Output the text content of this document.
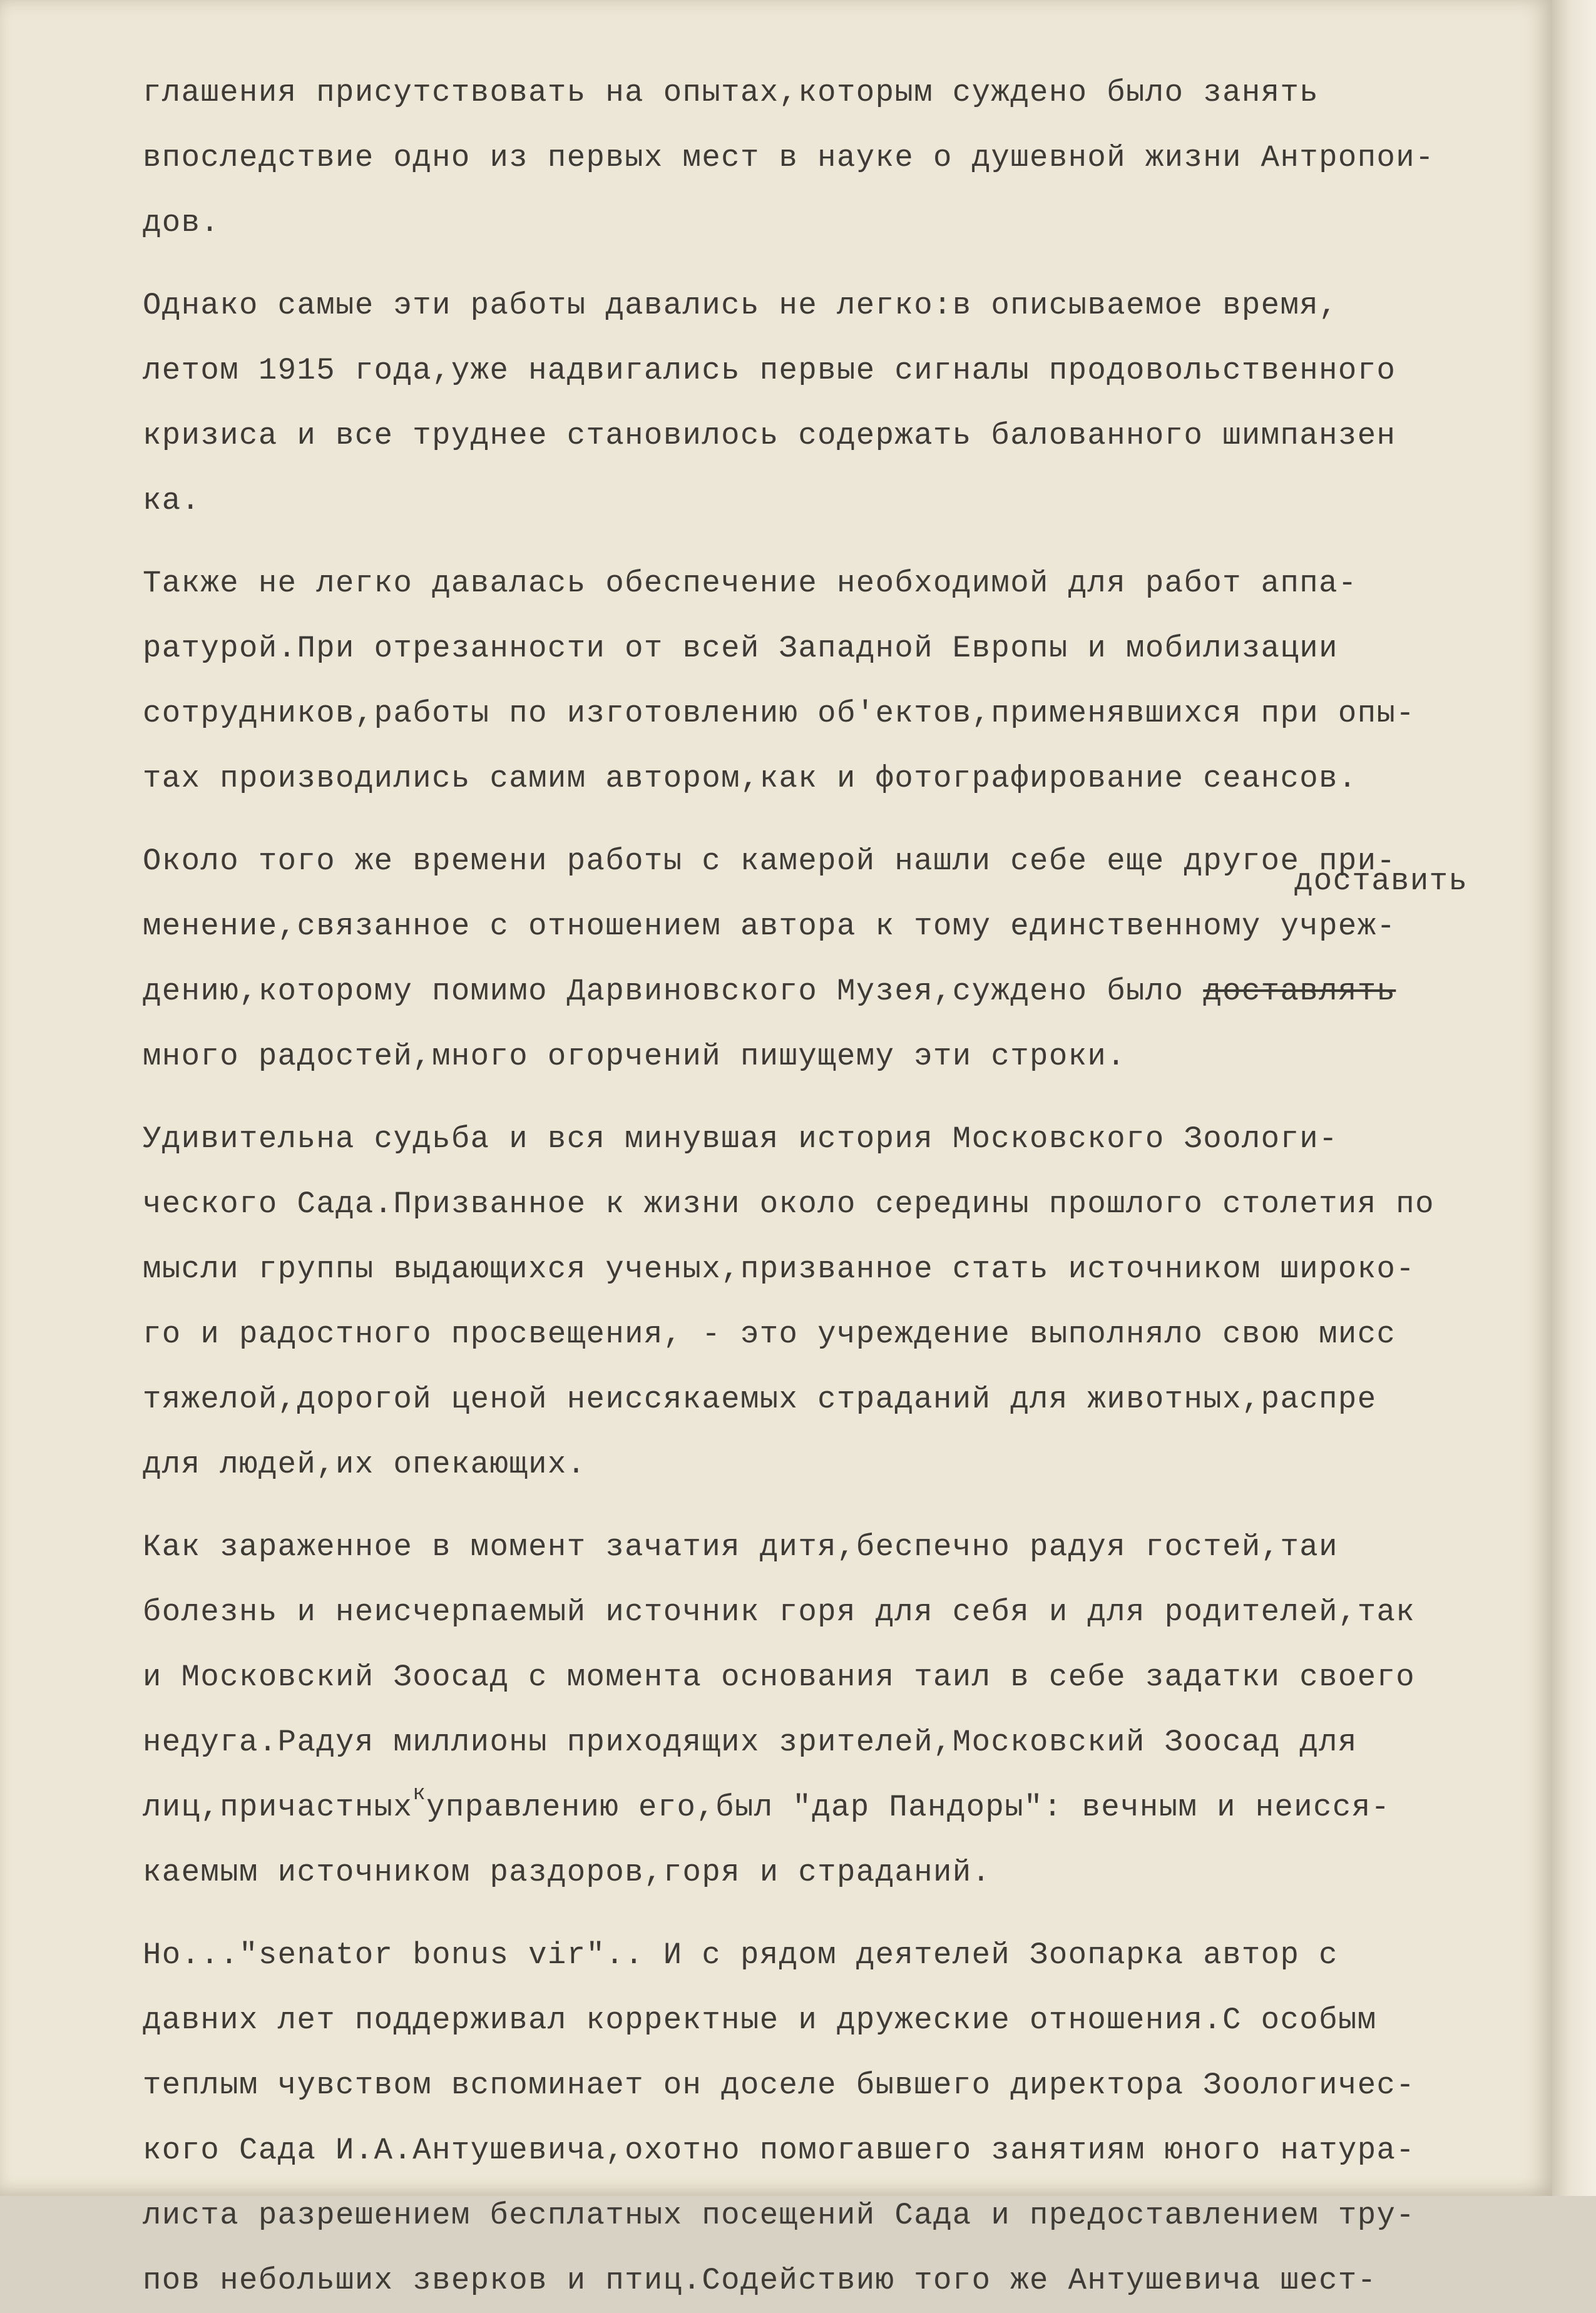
глашения присутствовать на опытах,которым суждено было занять
впоследствие одно из первых мест в науке о душевной жизни Антропои-
дов.
Однако самые эти работы давались не легко:в описываемое время,
летом 1915 года,уже надвигались первые сигналы продовольственного
кризиса и все труднее становилось содержать балованного шимпанзен
ка.
Также не легко давалась обеспечение необходимой для работ аппа-
ратурой.При отрезанности от всей Западной Европы и мобилизации
сотрудников,работы по изготовлению об'ектов,применявшихся при опы-
тах производились самим автором,как и фотографирование сеансов.
Около того же времени работы с камерой нашли себе еще другое при-
менение,связанное с отношением автора к тому единственному учреж-
дению,которому помимо Дарвиновского Музея,суждено было доставлять
много радостей,много огорчений пишущему эти строки.
Удивительна судьба и вся минувшая история Московского Зоологи-
ческого Сада.Призванное к жизни около середины прошлого столетия по
мысли группы выдающихся ученых,призванное стать источником широко-
го и радостного просвещения, - это учреждение выполняло свою мисс
тяжелой,дорогой ценой неиссякаемых страданий для животных,распре
для людей,их опекающих.
Как зараженное в момент зачатия дитя,беспечно радуя гостей,таи
болезнь и неисчерпаемый источник горя для себя и для родителей,так
и Московский Зоосад с момента основания таил в себе задатки своего
недуга.Радуя миллионы приходящих зрителей,Московский Зоосад для
лиц,причастных$^к$управлению его,был "дар Пандоры": вечным и неисся-
каемым источником раздоров,горя и страданий.
Но..."senator bonus vir".. И с рядом деятелей Зоопарка автор с
давних лет поддерживал корректные и дружеские отношения.С особым
теплым чувством вспоминает он доселе бывшего директора Зоологичес-
кого Сада И.А.Антушевича,охотно помогавшего занятиям юного натура-
листа разрешением бесплатных посещений Сада и предоставлением тру-
пов небольших зверков и птиц.Содействию того же Антушевича шест-
доставить
